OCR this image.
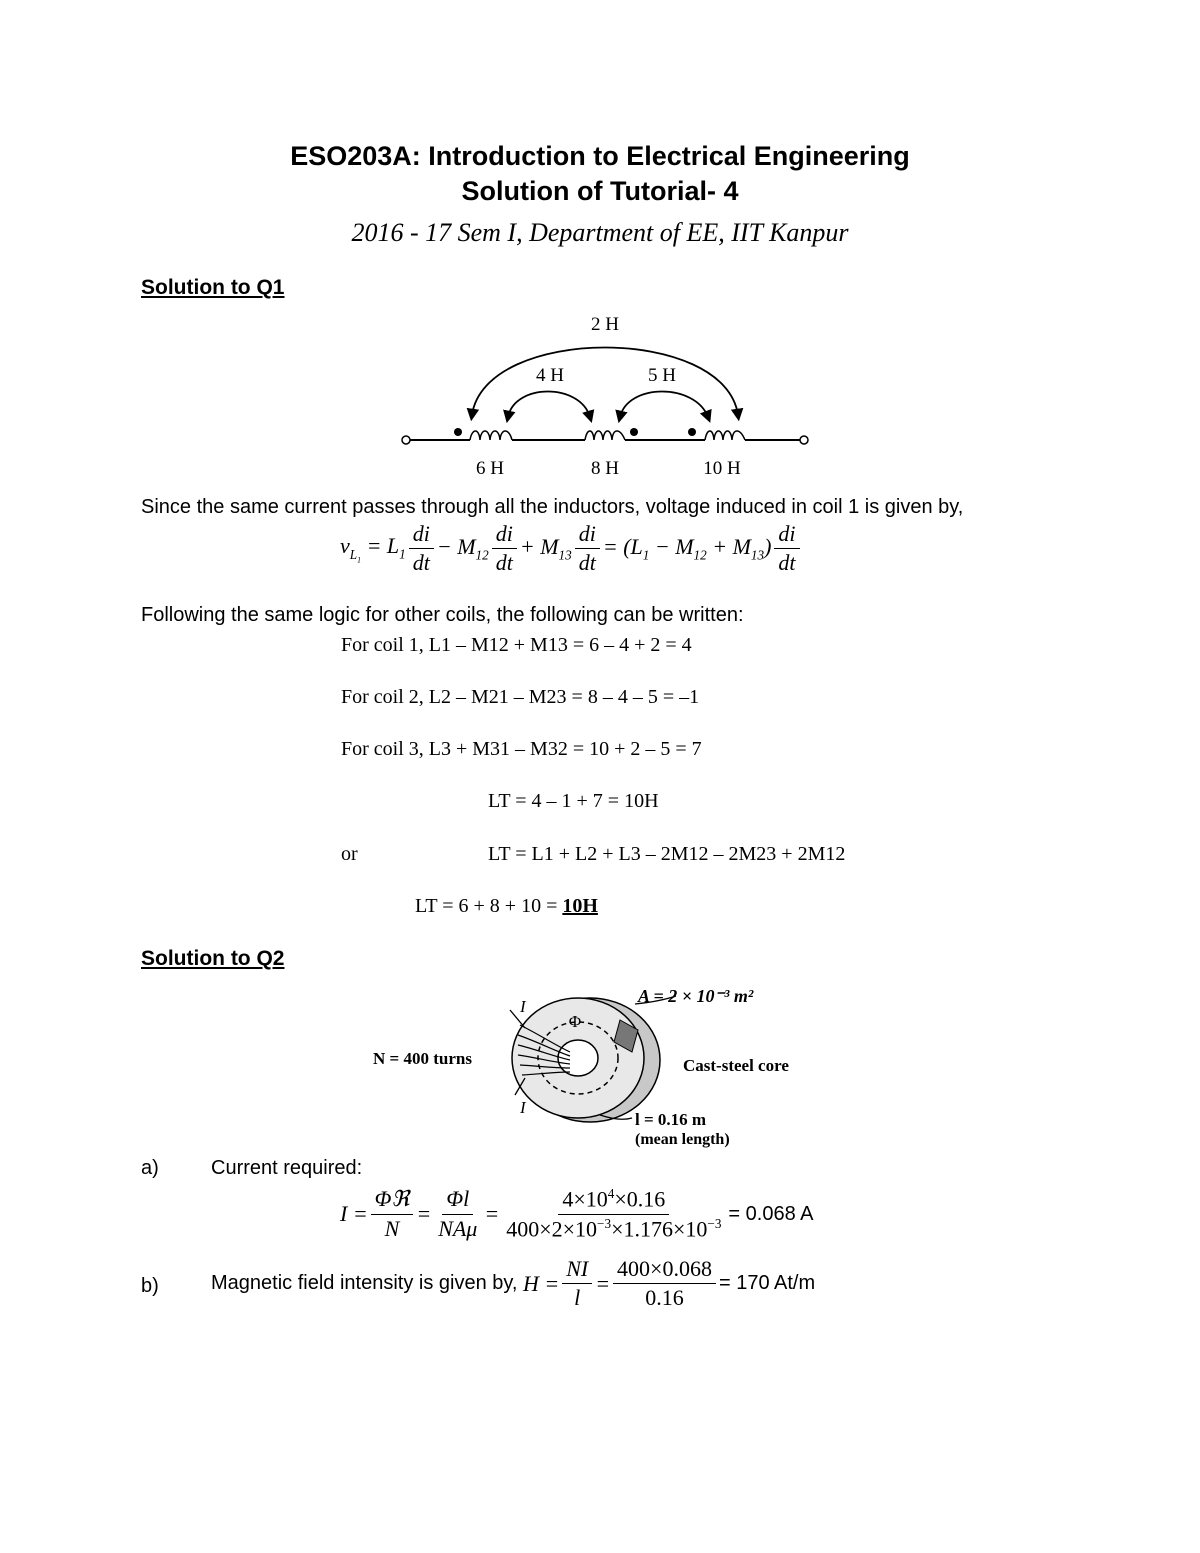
ESO203A: Introduction to Electrical Engineering
Solution of Tutorial- 4
2016 - 17 Sem I, Department of EE, IIT Kanpur
Solution to Q1
2 H
4 H	5 H
6 H	8 H	10 H
Since the same current passes through all the inductors, voltage induced in coil 1 is given by,
$v_{L_1} = L_1 \frac{di}{dt} - M_{12} \frac{di}{dt} + M_{13} \frac{di}{dt} = (L_1 - M_{12} + M_{13}) \frac{di}{dt}$
Following the same logic for other coils, the following can be written:
For coil 1, L1 – M12 + M13 = 6 – 4 + 2 = 4
For coil 2, L2 – M21 – M23 = 8 – 4 – 5 = –1
For coil 3, L3 + M31 – M32 = 10 + 2 – 5 = 7
LT = 4 – 1 + 7 = 10H
or	LT = L1 + L2 + L3 – 2M12 – 2M23 + 2M12
LT = 6 + 8 + 10 = 10H
Solution to Q2
A = 2 × 10⁻³ m²
Φ
I
I
N = 400 turns	Cast-steel core
l = 0.16 m
(mean length)
a)	Current required:
$I = \frac{\text{Φℜ}}{N} = \frac{\Phi l}{\text{NAμ}} = \frac{4\times 10^4\times 0.16}{400\times 2\times 10^{-3}\times 1.176\times 10^{-3}} = 0.068$ A
b)	Magnetic field intensity is given by, $H = \frac{NI}{l} = \frac{400\times 0.068}{0.16} = 170$ At/m
